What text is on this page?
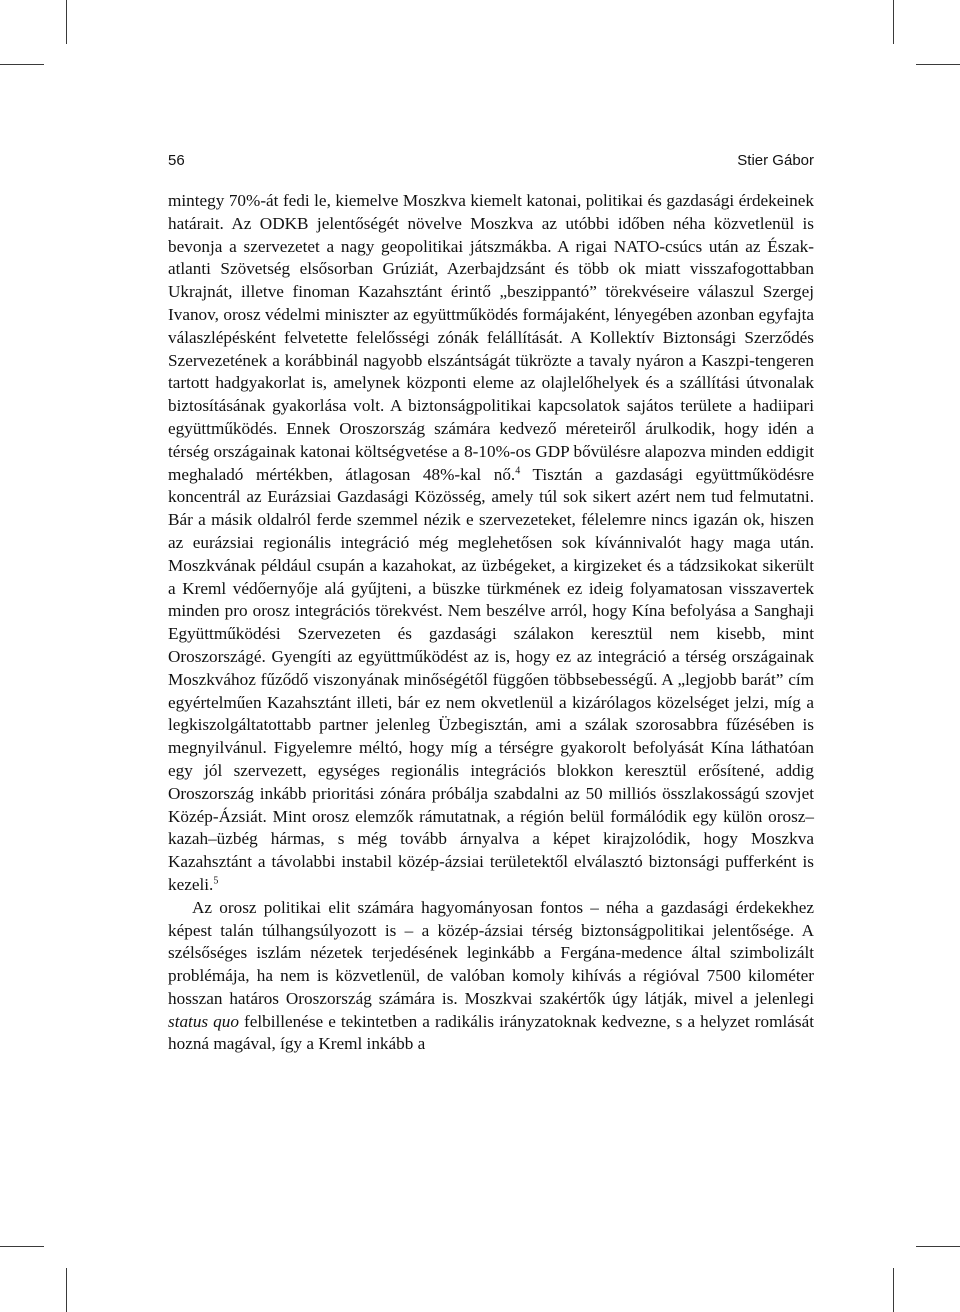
56	Stier Gábor

mintegy 70%-át fedi le, kiemelve Moszkva kiemelt katonai, politikai és gazdasági érdekeinek határait. Az ODKB jelentőségét növelve Moszkva az utóbbi időben néha közvetlenül is bevonja a szervezetet a nagy geopolitikai játszmákba. A rigai NATO-csúcs után az Észak-atlanti Szövetség elsősorban Grúziát, Azerbajdzsánt és több ok miatt visszafogottabban Ukrajnát, illetve finoman Kazahsztánt érintő „beszippantó” törekvéseire válaszul Szergej Ivanov, orosz védelmi miniszter az együttműködés formájaként, lényegében azonban egyfajta válaszlépésként felvetette felelősségi zónák felállítását. A Kollektív Biztonsági Szerződés Szervezetének a korábbinál nagyobb elszántságát tükrözte a tavaly nyáron a Kaszpi-tengeren tartott hadgyakorlat is, amelynek központi eleme az olajlelőhelyek és a szállítási útvonalak biztosításának gyakorlása volt. A biztonságpolitikai kapcsolatok sajátos területe a hadiipari együttműködés. Ennek Oroszország számára kedvező méreteiről árulkodik, hogy idén a térség országainak katonai költségvetése a 8-10%-os GDP bővülésre alapozva minden eddigit meghaladó mértékben, átlagosan 48%-kal nő.$^4$ Tisztán a gazdasági együttműködésre koncentrál az Eurázsiai Gazdasági Közösség, amely túl sok sikert azért nem tud felmutatni. Bár a másik oldalról ferde szemmel nézik e szervezeteket, félelemre nincs igazán ok, hiszen az eurázsiai regionális integráció még meglehetősen sok kívánnivalót hagy maga után. Moszkvának például csupán a kazahokat, az üzbégeket, a kirgizeket és a tádzsikokat sikerült a Kreml védőernyője alá gyűjteni, a büszke türkmének ez ideig folyamatosan visszavertek minden pro orosz integrációs törekvést. Nem beszélve arról, hogy Kína befolyása a Sanghaji Együttműködési Szervezeten és gazdasági szálakon keresztül nem kisebb, mint Oroszországé. Gyengíti az együttműködést az is, hogy ez az integráció a térség országainak Moszkvához fűződő viszonyának minőségétől függően többsebességű. A „legjobb barát” cím egyértelműen Kazahsztánt illeti, bár ez nem okvetlenül a kizárólagos közelséget jelzi, míg a legkiszolgáltatottabb partner jelenleg Üzbegisztán, ami a szálak szorosabbra fűzésében is megnyilvánul. Figyelemre méltó, hogy míg a térségre gyakorolt befolyását Kína láthatóan egy jól szervezett, egységes regionális integrációs blokkon keresztül erősítené, addig Oroszország inkább prioritási zónára próbálja szabdalni az 50 milliós összlakosságú szovjet Közép-Ázsiát. Mint orosz elemzők rámutatnak, a régión belül formálódik egy külön orosz–kazah–üzbég hármas, s még tovább árnyalva a képet kirajzolódik, hogy Moszkva Kazahsztánt a távolabbi instabil közép-ázsiai területektől elválasztó biztonsági pufferként is kezeli.$^5$

Az orosz politikai elit számára hagyományosan fontos – néha a gazdasági érdekekhez képest talán túlhangsúlyozott is – a közép-ázsiai térség biztonságpolitikai jelentősége. A szélsőséges iszlám nézetek terjedésének leginkább a Fergána-medence által szimbolizált problémája, ha nem is közvetlenül, de valóban komoly kihívás a régióval 7500 kilométer hosszan határos Oroszország számára is. Moszkvai szakértők úgy látják, mivel a jelenlegi status quo felbillenése e tekintetben a radikális irányzatoknak kedvezne, s a helyzet romlását hozná magával, így a Kreml inkább a
